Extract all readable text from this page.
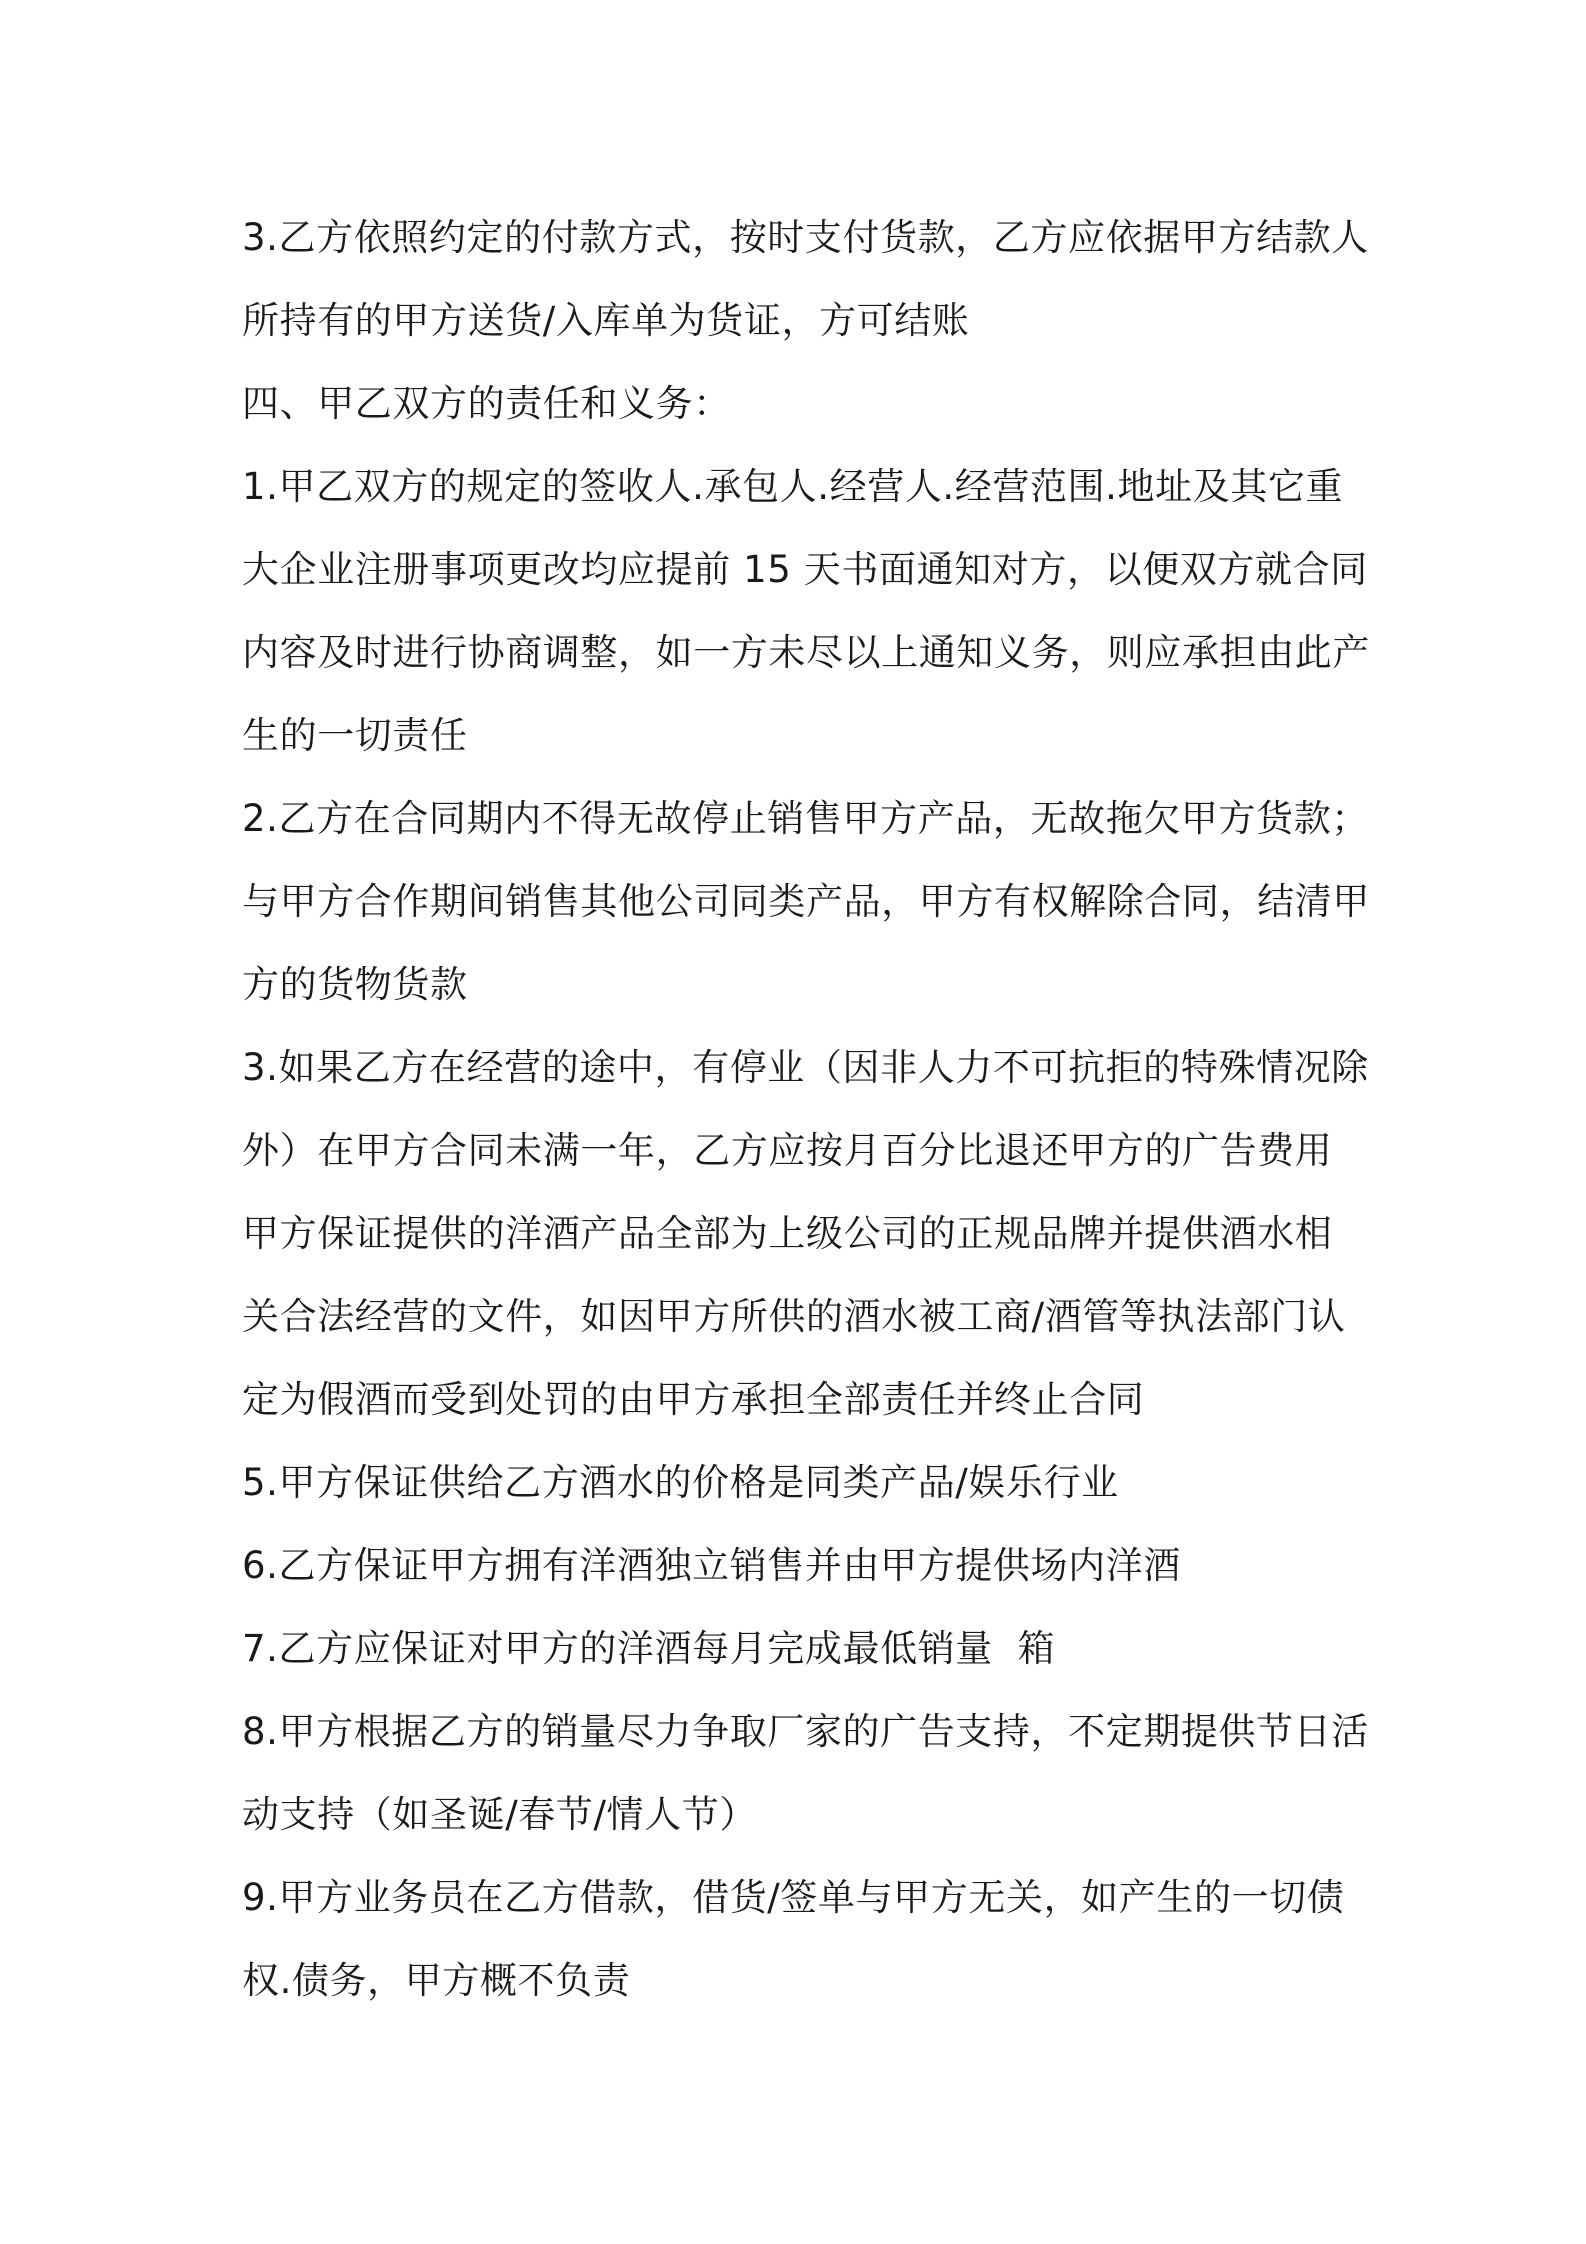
3.乙方依照约定的付款方式，按时支付货款，乙方应依据甲方结款人
所持有的甲方送货/入库单为货证，方可结账

四、甲乙双方的责任和义务：

1.甲乙双方的规定的签收人.承包人.经营人.经营范围.地址及其它重
大企业注册事项更改均应提前 15 天书面通知对方，以便双方就合同
内容及时进行协商调整，如一方未尽以上通知义务，则应承担由此产
生的一切责任

2.乙方在合同期内不得无故停止销售甲方产品，无故拖欠甲方货款；
与甲方合作期间销售其他公司同类产品，甲方有权解除合同，结清甲
方的货物货款

3.如果乙方在经营的途中，有停业（因非人力不可抗拒的特殊情况除
外）在甲方合同未满一年，乙方应按月百分比退还甲方的广告费用

甲方保证提供的洋酒产品全部为上级公司的正规品牌并提供酒水相
关合法经营的文件，如因甲方所供的酒水被工商/酒管等执法部门认
定为假酒而受到处罚的由甲方承担全部责任并终止合同

5.甲方保证供给乙方酒水的价格是同类产品/娱乐行业

6.乙方保证甲方拥有洋酒独立销售并由甲方提供场内洋酒

7.乙方应保证对甲方的洋酒每月完成最低销量  箱

8.甲方根据乙方的销量尽力争取厂家的广告支持，不定期提供节日活
动支持（如圣诞/春节/情人节）

9.甲方业务员在乙方借款，借货/签单与甲方无关，如产生的一切债
权.债务，甲方概不负责
